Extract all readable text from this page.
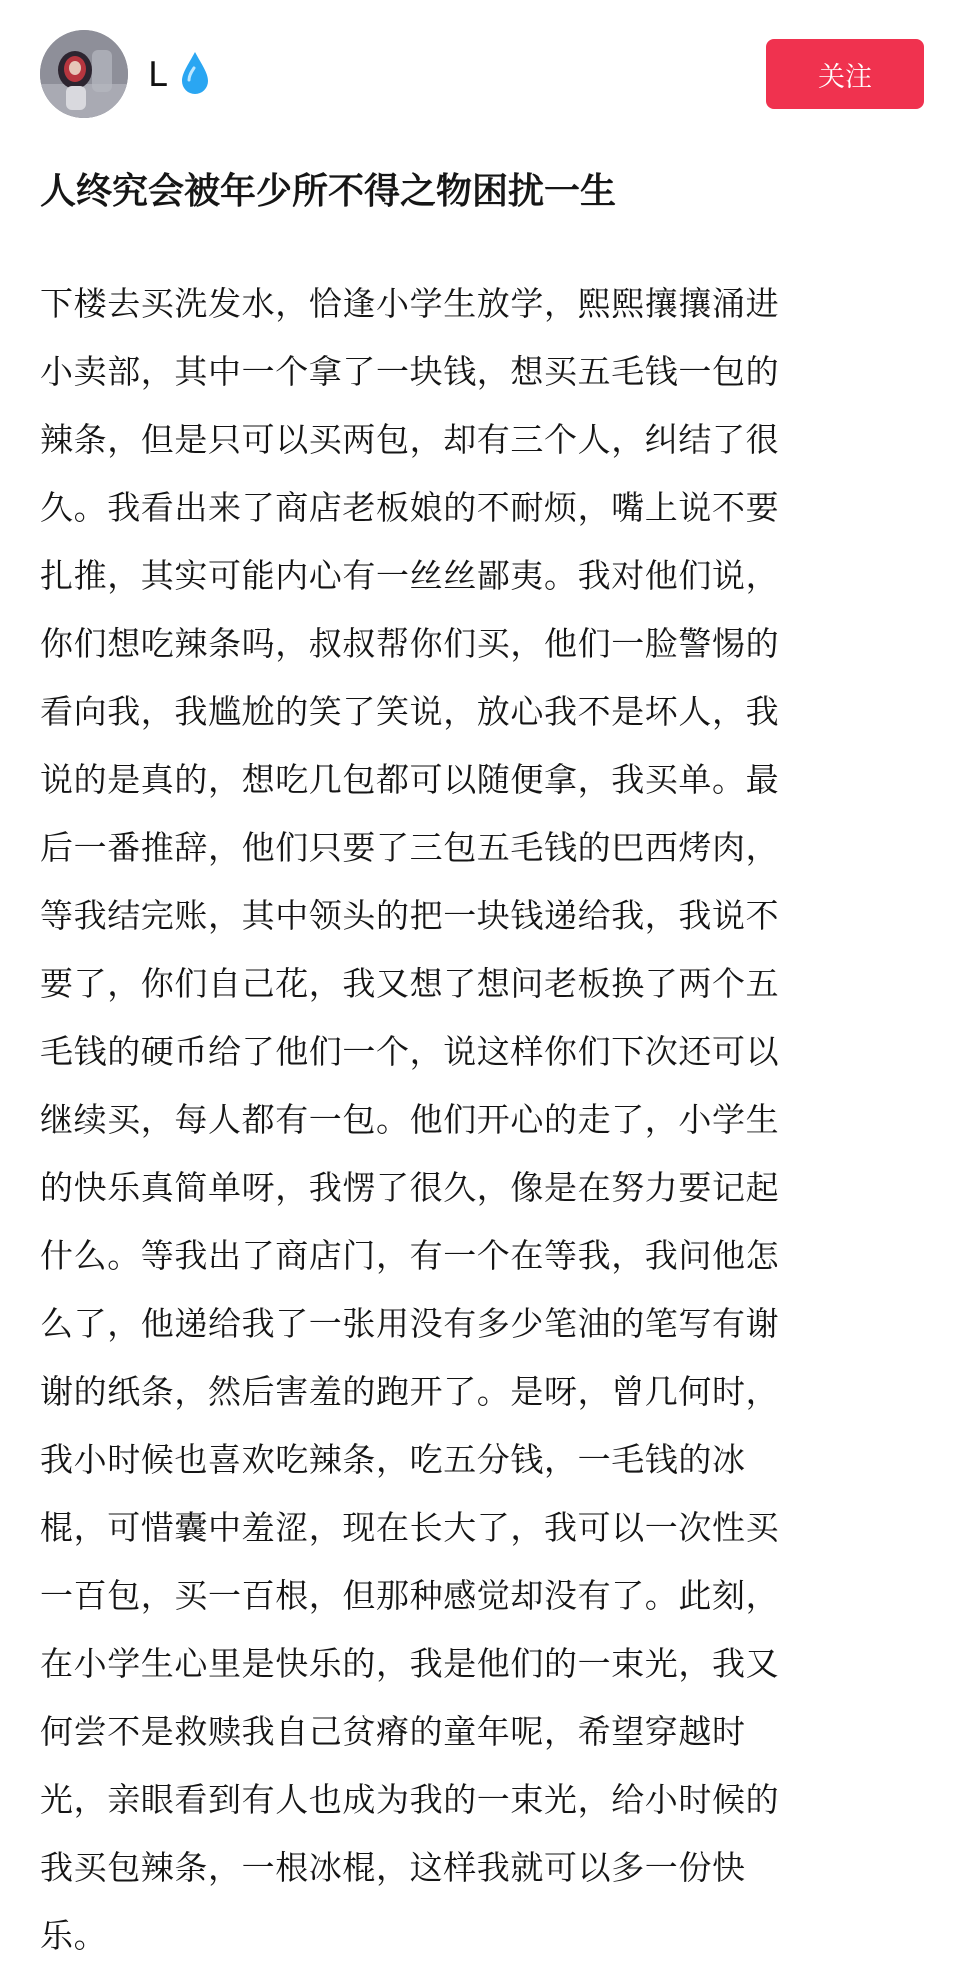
L	关注
人终究会被年少所不得之物困扰一生
下楼去买洗发水，恰逢小学生放学，熙熙攘攘涌进
小卖部，其中一个拿了一块钱，想买五毛钱一包的
辣条，但是只可以买两包，却有三个人，纠结了很
久。我看出来了商店老板娘的不耐烦，嘴上说不要
扎推，其实可能内心有一丝丝鄙夷。我对他们说，
你们想吃辣条吗，叔叔帮你们买，他们一脸警惕的
看向我，我尴尬的笑了笑说，放心我不是坏人，我
说的是真的，想吃几包都可以随便拿，我买单。最
后一番推辞，他们只要了三包五毛钱的巴西烤肉，
等我结完账，其中领头的把一块钱递给我，我说不
要了，你们自己花，我又想了想问老板换了两个五
毛钱的硬币给了他们一个，说这样你们下次还可以
继续买，每人都有一包。他们开心的走了，小学生
的快乐真简单呀，我愣了很久，像是在努力要记起
什么。等我出了商店门，有一个在等我，我问他怎
么了，他递给我了一张用没有多少笔油的笔写有谢
谢的纸条，然后害羞的跑开了。是呀，曾几何时，
我小时候也喜欢吃辣条，吃五分钱，一毛钱的冰
棍，可惜囊中羞涩，现在长大了，我可以一次性买
一百包，买一百根，但那种感觉却没有了。此刻，
在小学生心里是快乐的，我是他们的一束光，我又
何尝不是救赎我自己贫瘠的童年呢，希望穿越时
光，亲眼看到有人也成为我的一束光，给小时候的
我买包辣条，一根冰棍，这样我就可以多一份快
乐。
